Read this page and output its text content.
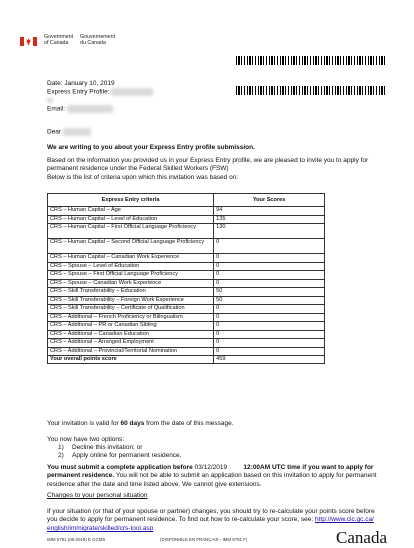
Government
of Canada
Gouvernement
du Canada
Date: January 10, 2019
Express Entry Profile:
Email:
Dear
We are writing to you about your Express Entry profile submission.
Based on the information you provided us in your Express Entry profile, we are pleased to invite you to apply for permanent residence under the Federal Skilled Workers (FSW)
Below is the list of criteria upon which this invitation was based on:
Express Entry criteria	Your Scores
CRS – Human Capital – Age	94
CRS – Human Capital – Level of Education	135
CRS – Human Capital – First Official Language Proficiency	130
CRS – Human Capital – Second Official Language Proficiency	0
CRS – Human Capital – Canadian Work Experience	0
CRS – Spouse – Level of Education	0
CRS – Spouse – First Official Language Proficiency	0
CRS – Spouse – Canadian Work Experience	0
CRS – Skill Transferability – Education	50
CRS – Skill Transferability – Foreign Work Experience	50
CRS – Skill Transferability – Certificate of Qualification	0
CRS – Additional – French Proficiency or Bilingualism	0
CRS – Additional – PR or Canadian Sibling	0
CRS – Additional – Canadian Education	0
CRS – Additional – Arranged Employment	0
CRS – Additional – Provincial/Territorial Nomination	0
Your overall points score	459
Your invitation is valid for 60 days from the date of this message.
You now have two options:
1) Decline this invitation; or
2) Apply online for permanent residence.
You must submit a complete application before 03/12/2019	12:00AM UTC time if you want to apply for permanent residence. You will not be able to submit an application based on this invitation to apply for permanent residence after the date and time listed above. We cannot give extensions.
Changes to your personal situation
If your situation (or that of your spouse or partner) changes, you should try to re-calculate your points score before you decide to apply for permanent residence. To find out how to re-calculate your score, see: http://www.cic.gc.ca/ english/immigrate/skilled/crs-tool.asp
IMM 5791 (06-2018) E GCMS	(DISPONIBLE EN FRANÇAIS - IMM 5791 F)	Canada
